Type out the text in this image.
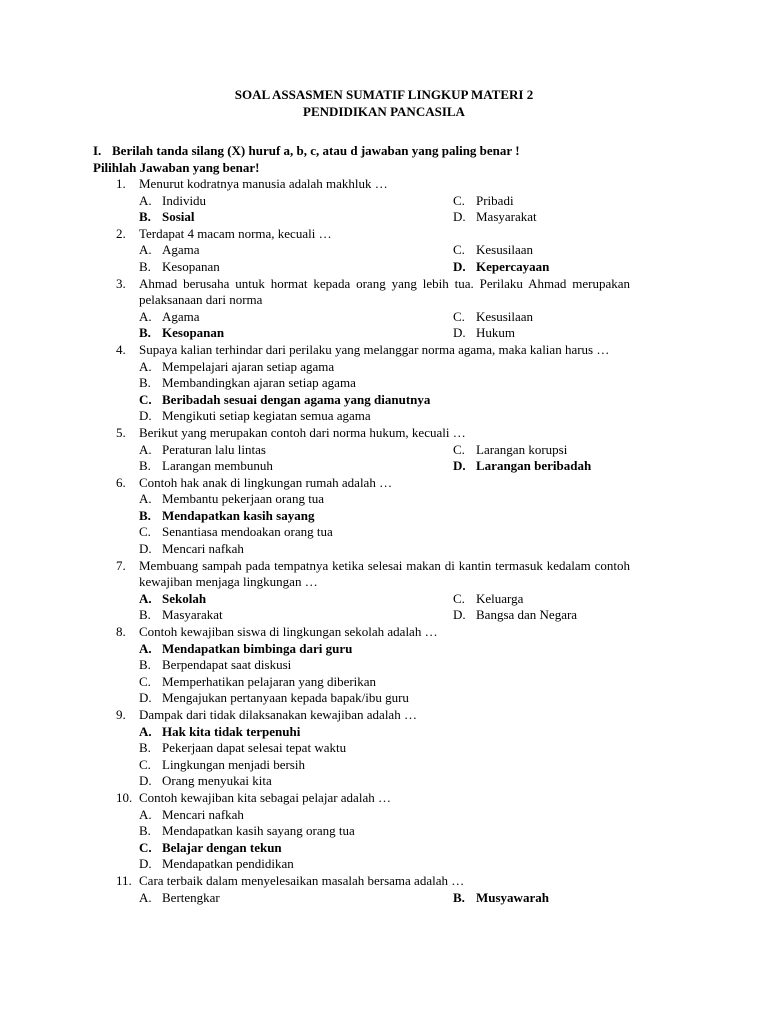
SOAL ASSASMEN SUMATIF LINGKUP MATERI 2
PENDIDIKAN PANCASILA
I. Berilah tanda silang (X) huruf a, b, c, atau d jawaban yang paling benar !
Pilihlah Jawaban yang benar!
1. Menurut kodratnya manusia adalah makhluk …
A. Individu	C. Pribadi
B. Sosial	D. Masyarakat
2. Terdapat 4 macam norma, kecuali …
A. Agama	C. Kesusilaan
B. Kesopanan	D. Kepercayaan
3. Ahmad berusaha untuk hormat kepada orang yang lebih tua. Perilaku Ahmad merupakan pelaksanaan dari norma
A. Agama	C. Kesusilaan
B. Kesopanan	D. Hukum
4. Supaya kalian terhindar dari perilaku yang melanggar norma agama, maka kalian harus …
A. Mempelajari ajaran setiap agama
B. Membandingkan ajaran setiap agama
C. Beribadah sesuai dengan agama yang dianutnya
D. Mengikuti setiap kegiatan semua agama
5. Berikut yang merupakan contoh dari norma hukum, kecuali …
A. Peraturan lalu lintas	C. Larangan korupsi
B. Larangan membunuh	D. Larangan beribadah
6. Contoh hak anak di lingkungan rumah adalah …
A. Membantu pekerjaan orang tua
B. Mendapatkan kasih sayang
C. Senantiasa mendoakan orang tua
D. Mencari nafkah
7. Membuang sampah pada tempatnya ketika selesai makan di kantin termasuk kedalam contoh kewajiban menjaga lingkungan …
A. Sekolah	C. Keluarga
B. Masyarakat	D. Bangsa dan Negara
8. Contoh kewajiban siswa di lingkungan sekolah adalah …
A. Mendapatkan bimbinga dari guru
B. Berpendapat saat diskusi
C. Memperhatikan pelajaran yang diberikan
D. Mengajukan pertanyaan kepada bapak/ibu guru
9. Dampak dari tidak dilaksanakan kewajiban adalah …
A. Hak kita tidak terpenuhi
B. Pekerjaan dapat selesai tepat waktu
C. Lingkungan menjadi bersih
D. Orang menyukai kita
10. Contoh kewajiban kita sebagai pelajar adalah …
A. Mencari nafkah
B. Mendapatkan kasih sayang orang tua
C. Belajar dengan tekun
D. Mendapatkan pendidikan
11. Cara terbaik dalam menyelesaikan masalah bersama adalah …
A. Bertengkar	B. Musyawarah
